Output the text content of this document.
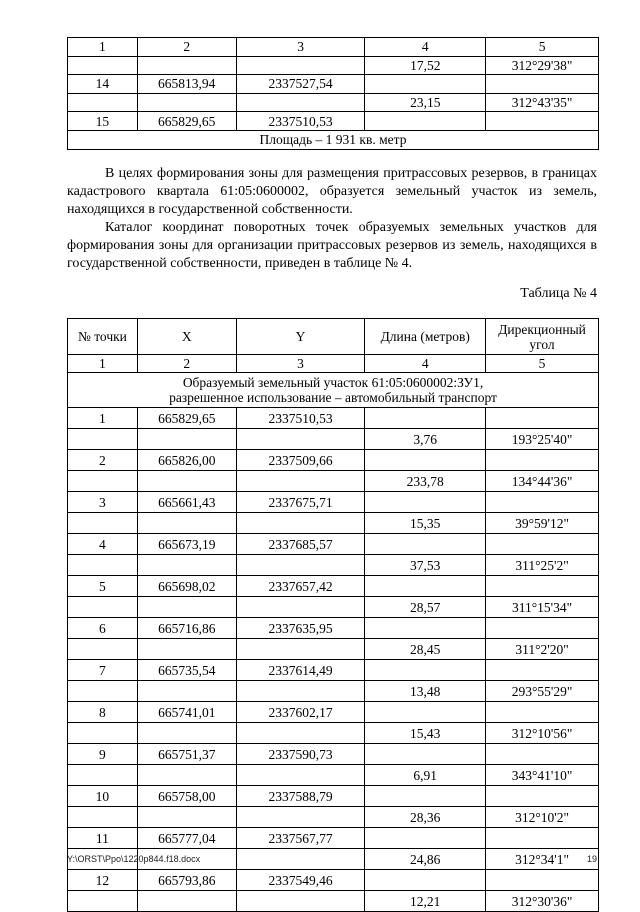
1	2	3	4	5
			17,52	312°29'38"
14	665813,94	2337527,54		
			23,15	312°43'35"
15	665829,65	2337510,53		
Площадь – 1 931 кв. метр				

В целях формирования зоны для размещения притрассовых резервов, в границах кадастрового квартала 61:05:0600002, образуется земельный участок из земель, находящихся в государственной собственности.

Каталог координат поворотных точек образуемых земельных участков для формирования зоны для организации притрассовых резервов из земель, находящихся в государственной собственности, приведен в таблице № 4.

Таблица № 4
№ точки	X	Y	Длина (метров)	Дирекционный угол
1	2	3	4	5
Образуемый земельный участок 61:05:0600002:ЗУ1,
разрешенное использование – автомобильный транспорт				
1	665829,65	2337510,53		
			3,76	193°25'40"
2	665826,00	2337509,66		
			233,78	134°44'36"
3	665661,43	2337675,71		
			15,35	39°59'12"
4	665673,19	2337685,57		
			37,53	311°25'2"
5	665698,02	2337657,42		
			28,57	311°15'34"
6	665716,86	2337635,95		
			28,45	311°2'20"
7	665735,54	2337614,49		
			13,48	293°55'29"
8	665741,01	2337602,17		
			15,43	312°10'56"
9	665751,37	2337590,73		
			6,91	343°41'10"
10	665758,00	2337588,79		
			28,36	312°10'2"
11	665777,04	2337567,77		
			24,86	312°34'1"
12	665793,86	2337549,46		
			12,21	312°30'36"
Y:\ORST\Ppo\1220p844.f18.docx	19
